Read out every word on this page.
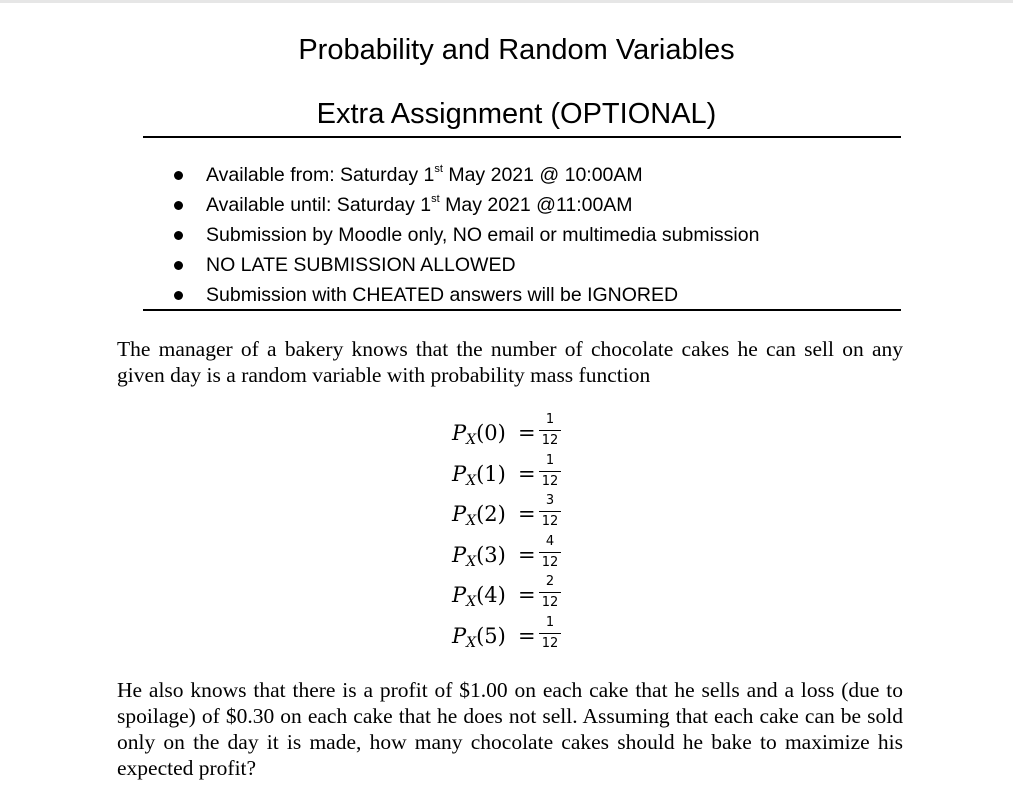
Probability and Random Variables
Extra Assignment (OPTIONAL)
Available from: Saturday 1st May 2021 @ 10:00AM
Available until: Saturday 1st May 2021 @11:00AM
Submission by Moodle only, NO email or multimedia submission
NO LATE SUBMISSION ALLOWED
Submission with CHEATED answers will be IGNORED
The manager of a bakery knows that the number of chocolate cakes he can sell on any given day is a random variable with probability mass function
$P_X(0)$ =
1
12
$P_X(1)$ =
1
12
$P_X(2)$ =
3
12
$P_X(3)$ =
4
12
$P_X(4)$ =
2
12
$P_X(5)$ =
1
12
He also knows that there is a profit of $1.00 on each cake that he sells and a loss (due to spoilage) of $0.30 on each cake that he does not sell. Assuming that each cake can be sold only on the day it is made, how many chocolate cakes should he bake to maximize his expected profit?
